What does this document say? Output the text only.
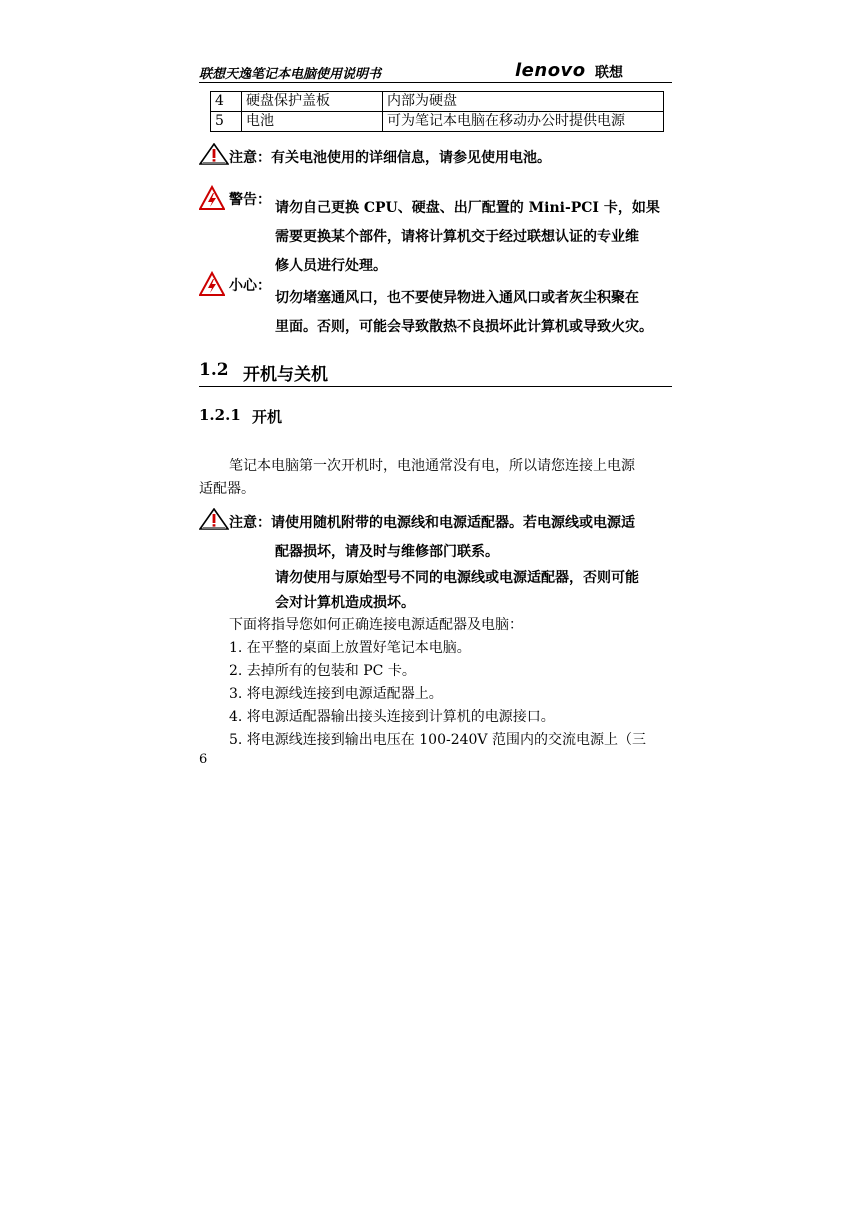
联想天逸笔记本电脑使用说明书	lenovo 联想
4	硬盘保护盖板	内部为硬盘
5	电池	可为笔记本电脑在移动办公时提供电源
注意： 有关电池使用的详细信息，请参见使用电池。
警告： 请勿自己更换 CPU、硬盘、出厂配置的 Mini-PCI 卡，如果
需要更换某个部件，请将计算机交于经过联想认证的专业维
修人员进行处理。
小心：
切勿堵塞通风口，也不要使异物进入通风口或者灰尘积聚在
里面。否则，可能会导致散热不良损坏此计算机或导致火灾。
1.2 开机与关机
1.2.1 开机
笔记本电脑第一次开机时，电池通常没有电，所以请您连接上电源
适配器。
注意： 请使用随机附带的电源线和电源适配器。若电源线或电源适
配器损坏，请及时与维修部门联系。
请勿使用与原始型号不同的电源线或电源适配器，否则可能
会对计算机造成损坏。
下面将指导您如何正确连接电源适配器及电脑：
1. 在平整的桌面上放置好笔记本电脑。
2. 去掉所有的包装和 PC 卡。
3. 将电源线连接到电源适配器上。
4. 将电源适配器输出接头连接到计算机的电源接口。
5. 将电源线连接到输出电压在 100-240V 范围内的交流电源上（三
6
